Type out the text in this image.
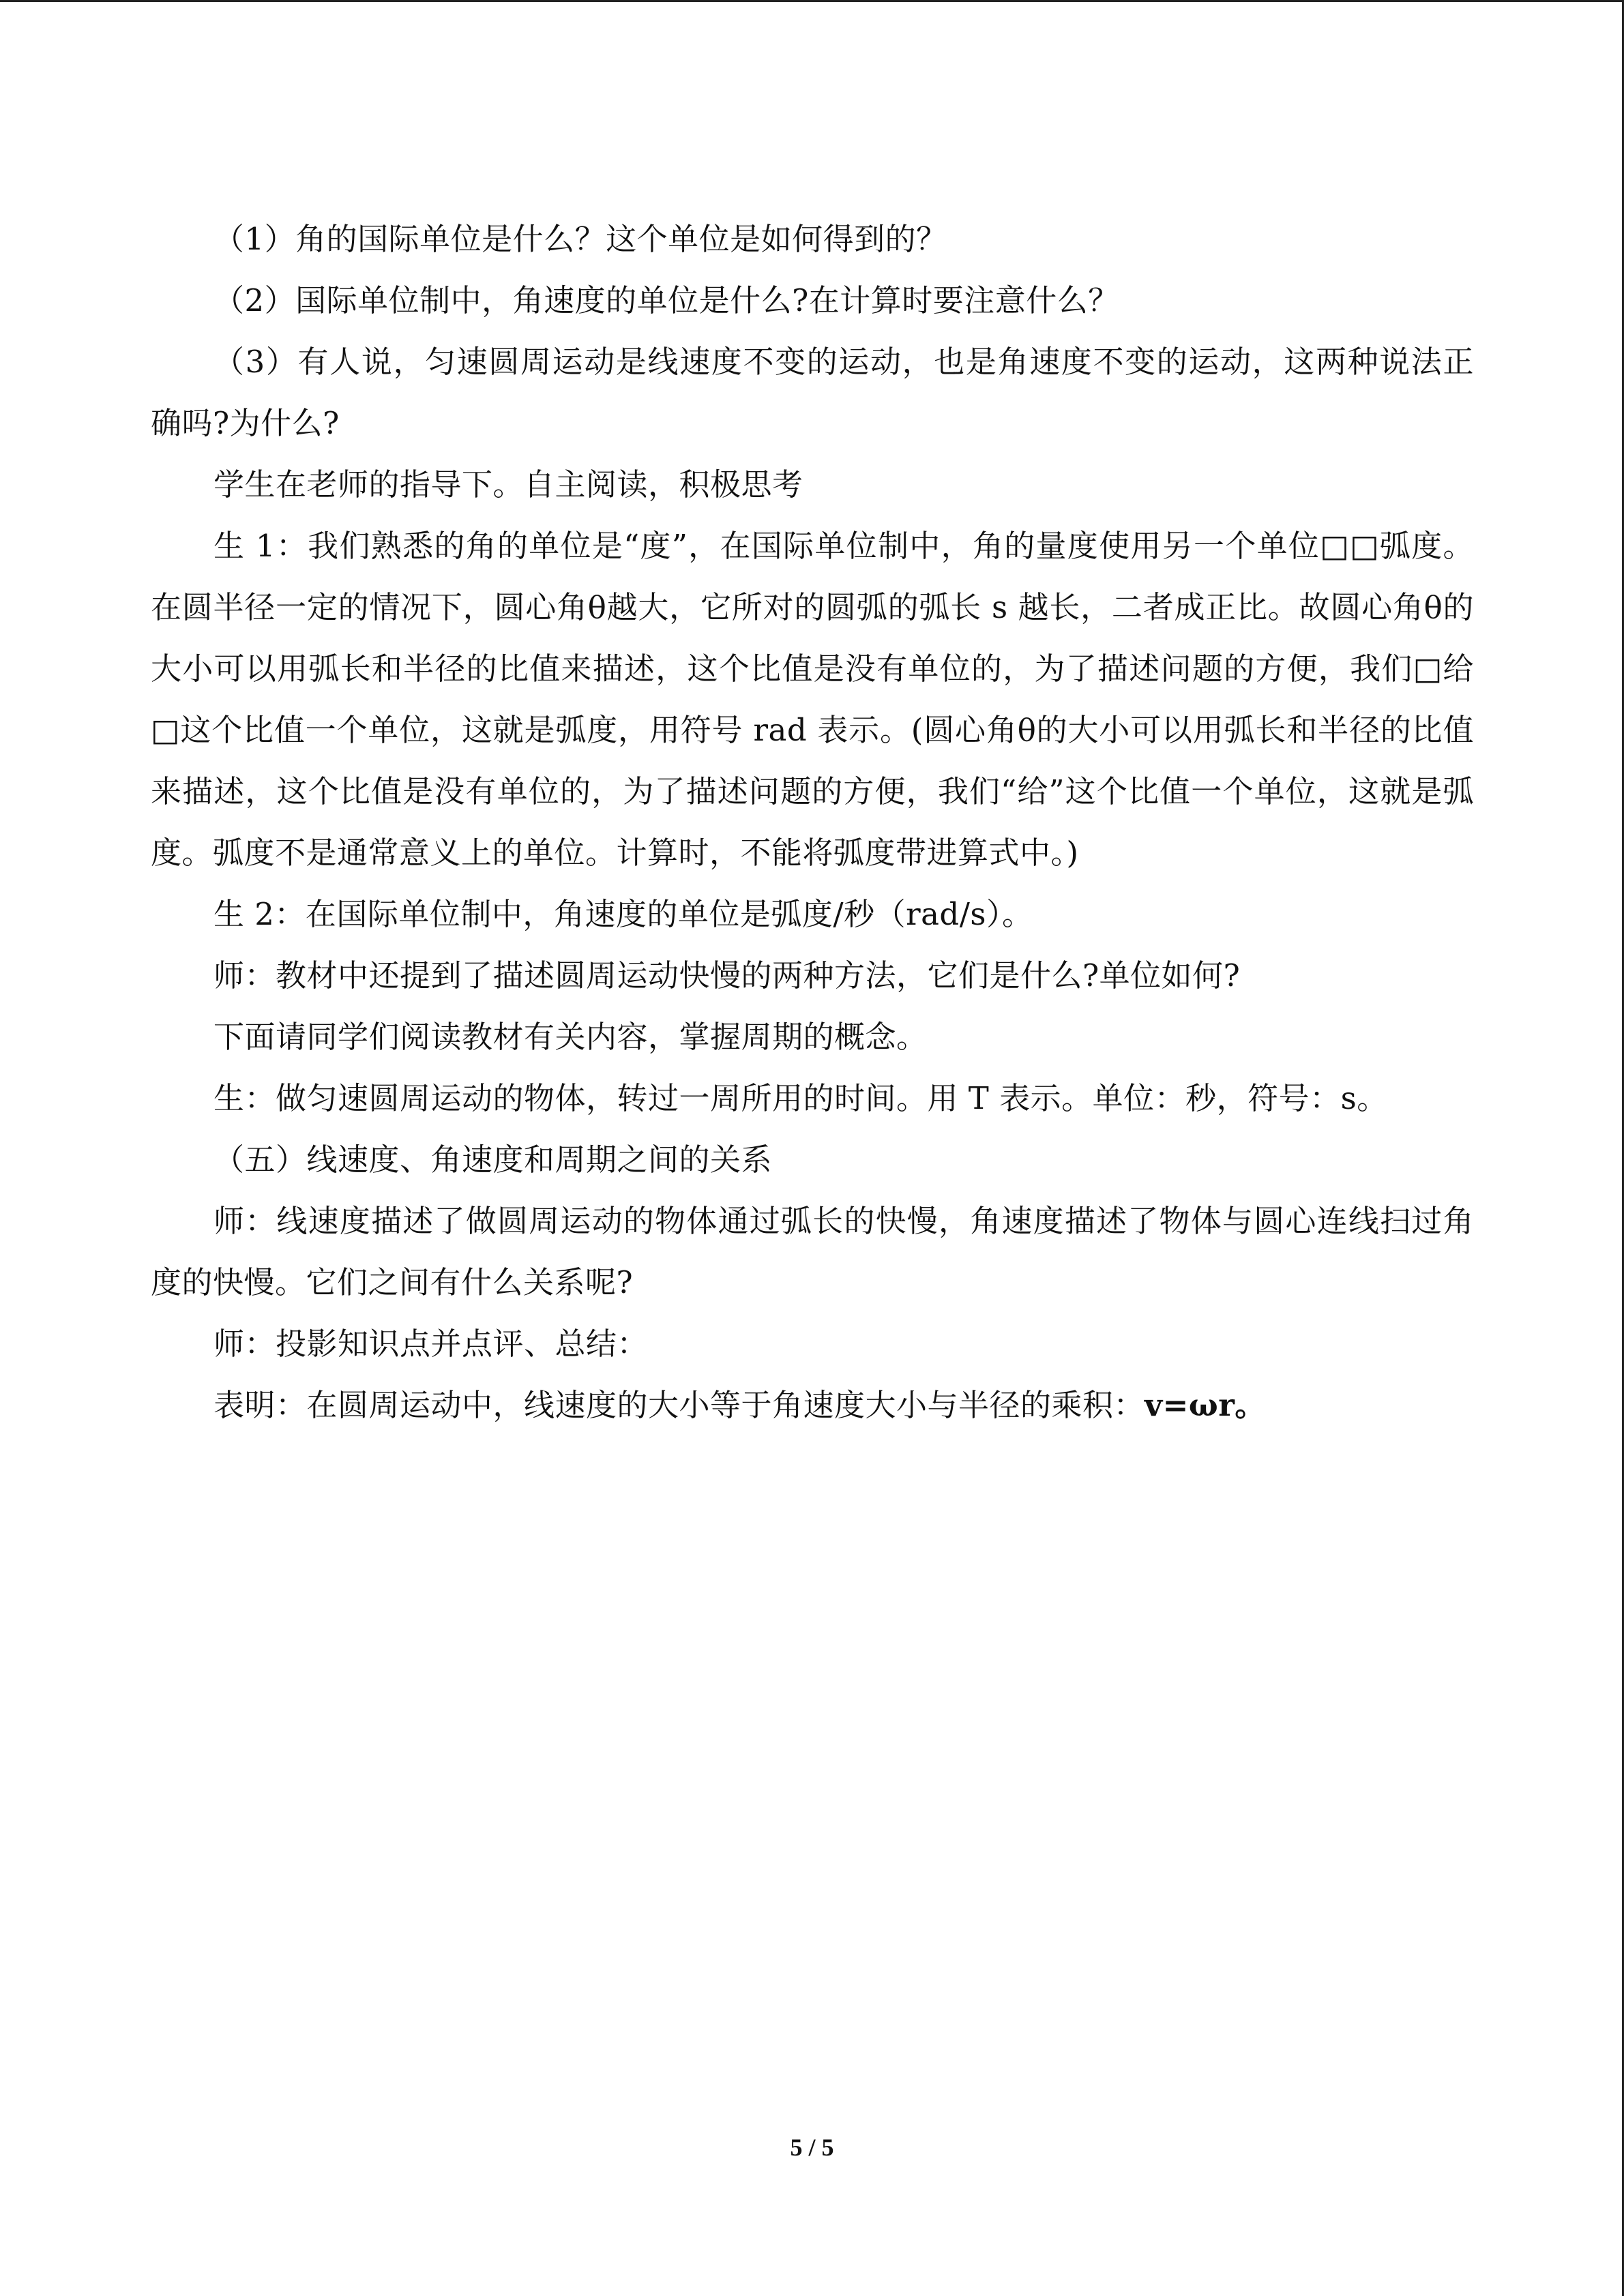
（1）角的国际单位是什么？这个单位是如何得到的？

（2）国际单位制中，角速度的单位是什么?在计算时要注意什么？

（3）有人说，匀速圆周运动是线速度不变的运动，也是角速度不变的运动，这两种说法正确吗?为什么?

学生在老师的指导下。自主阅读，积极思考

生 1：我们熟悉的角的单位是“度”，在国际单位制中，角的量度使用另一个单位□□弧度。在圆半径一定的情况下，圆心角θ越大，它所对的圆弧的弧长 s 越长，二者成正比。故圆心角θ的大小可以用弧长和半径的比值来描述，这个比值是没有单位的，为了描述问题的方便，我们□给□这个比值一个单位，这就是弧度，用符号 rad 表示。(圆心角θ的大小可以用弧长和半径的比值来描述，这个比值是没有单位的，为了描述问题的方便，我们“给”这个比值一个单位，这就是弧度。弧度不是通常意义上的单位。计算时，不能将弧度带进算式中。)

生 2：在国际单位制中，角速度的单位是弧度/秒（rad/s）。

师：教材中还提到了描述圆周运动快慢的两种方法，它们是什么?单位如何?

下面请同学们阅读教材有关内容，掌握周期的概念。

生：做匀速圆周运动的物体，转过一周所用的时间。用 T 表示。单位：秒，符号：s。

（五）线速度、角速度和周期之间的关系

师：线速度描述了做圆周运动的物体通过弧长的快慢，角速度描述了物体与圆心连线扫过角度的快慢。它们之间有什么关系呢?

师：投影知识点并点评、总结：

表明：在圆周运动中，线速度的大小等于角速度大小与半径的乘积：v=ωr。

5 / 5
